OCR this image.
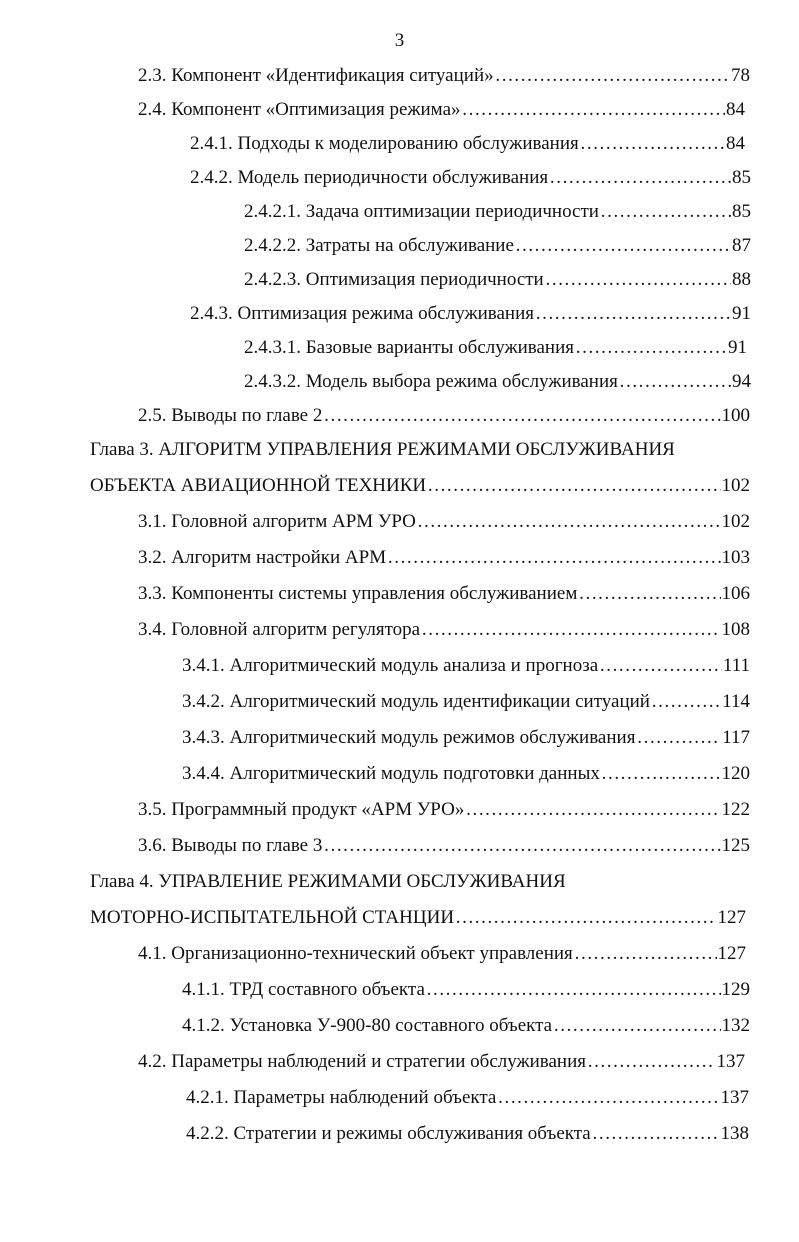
3
2.3. Компонент «Идентификация ситуаций» ………………………………………………………………………………………………………………………………………………………………………………………………	78
2.4. Компонент «Оптимизация режима» ………………………………………………………………………………………………………………………………………………………………………………………………	84
2.4.1. Подходы к моделированию обслуживания ………………………………………………………………………………………………………………………………………………………………………………………………	84
2.4.2. Модель периодичности обслуживания ………………………………………………………………………………………………………………………………………………………………………………………………	85
2.4.2.1. Задача оптимизации периодичности ………………………………………………………………………………………………………………………………………………………………………………………………	85
2.4.2.2. Затраты на обслуживание ………………………………………………………………………………………………………………………………………………………………………………………………	87
2.4.2.3. Оптимизация периодичности ………………………………………………………………………………………………………………………………………………………………………………………………	88
2.4.3. Оптимизация режима обслуживания ………………………………………………………………………………………………………………………………………………………………………………………………	91
2.4.3.1. Базовые варианты обслуживания ………………………………………………………………………………………………………………………………………………………………………………………………	91
2.4.3.2. Модель выбора режима обслуживания ………………………………………………………………………………………………………………………………………………………………………………………………	94
2.5. Выводы по главе 2 ………………………………………………………………………………………………………………………………………………………………………………………………	100
Глава 3. АЛГОРИТМ УПРАВЛЕНИЯ РЕЖИМАМИ ОБСЛУЖИВАНИЯ
ОБЪЕКТА АВИАЦИОННОЙ ТЕХНИКИ ………………………………………………………………………………………………………………………………………………………………………………………………	102
3.1. Головной алгоритм АРМ УРО ………………………………………………………………………………………………………………………………………………………………………………………………	102
3.2. Алгоритм настройки АРМ ………………………………………………………………………………………………………………………………………………………………………………………………	103
3.3. Компоненты системы управления обслуживанием ………………………………………………………………………………………………………………………………………………………………………………………………	106
3.4. Головной алгоритм регулятора ………………………………………………………………………………………………………………………………………………………………………………………………	108
3.4.1. Алгоритмический модуль анализа и прогноза ………………………………………………………………………………………………………………………………………………………………………………………………	111
3.4.2. Алгоритмический модуль идентификации ситуаций ………………………………………………………………………………………………………………………………………………………………………………………………	114
3.4.3. Алгоритмический модуль режимов обслуживания ………………………………………………………………………………………………………………………………………………………………………………………………	117
3.4.4. Алгоритмический модуль подготовки данных ………………………………………………………………………………………………………………………………………………………………………………………………	120
3.5. Программный продукт «АРМ УРО» ………………………………………………………………………………………………………………………………………………………………………………………………	122
3.6. Выводы по главе 3 ………………………………………………………………………………………………………………………………………………………………………………………………	125
Глава 4. УПРАВЛЕНИЕ РЕЖИМАМИ ОБСЛУЖИВАНИЯ
МОТОРНО-ИСПЫТАТЕЛЬНОЙ СТАНЦИИ ………………………………………………………………………………………………………………………………………………………………………………………………	127
4.1. Организационно-технический объект управления ………………………………………………………………………………………………………………………………………………………………………………………………	127
4.1.1. ТРД составного объекта ………………………………………………………………………………………………………………………………………………………………………………………………	129
4.1.2. Установка У-900-80 составного объекта ………………………………………………………………………………………………………………………………………………………………………………………………	132
4.2. Параметры наблюдений и стратегии обслуживания ………………………………………………………………………………………………………………………………………………………………………………………………	137
4.2.1. Параметры наблюдений объекта ………………………………………………………………………………………………………………………………………………………………………………………………	137
4.2.2. Стратегии и режимы обслуживания объекта ………………………………………………………………………………………………………………………………………………………………………………………………	138
